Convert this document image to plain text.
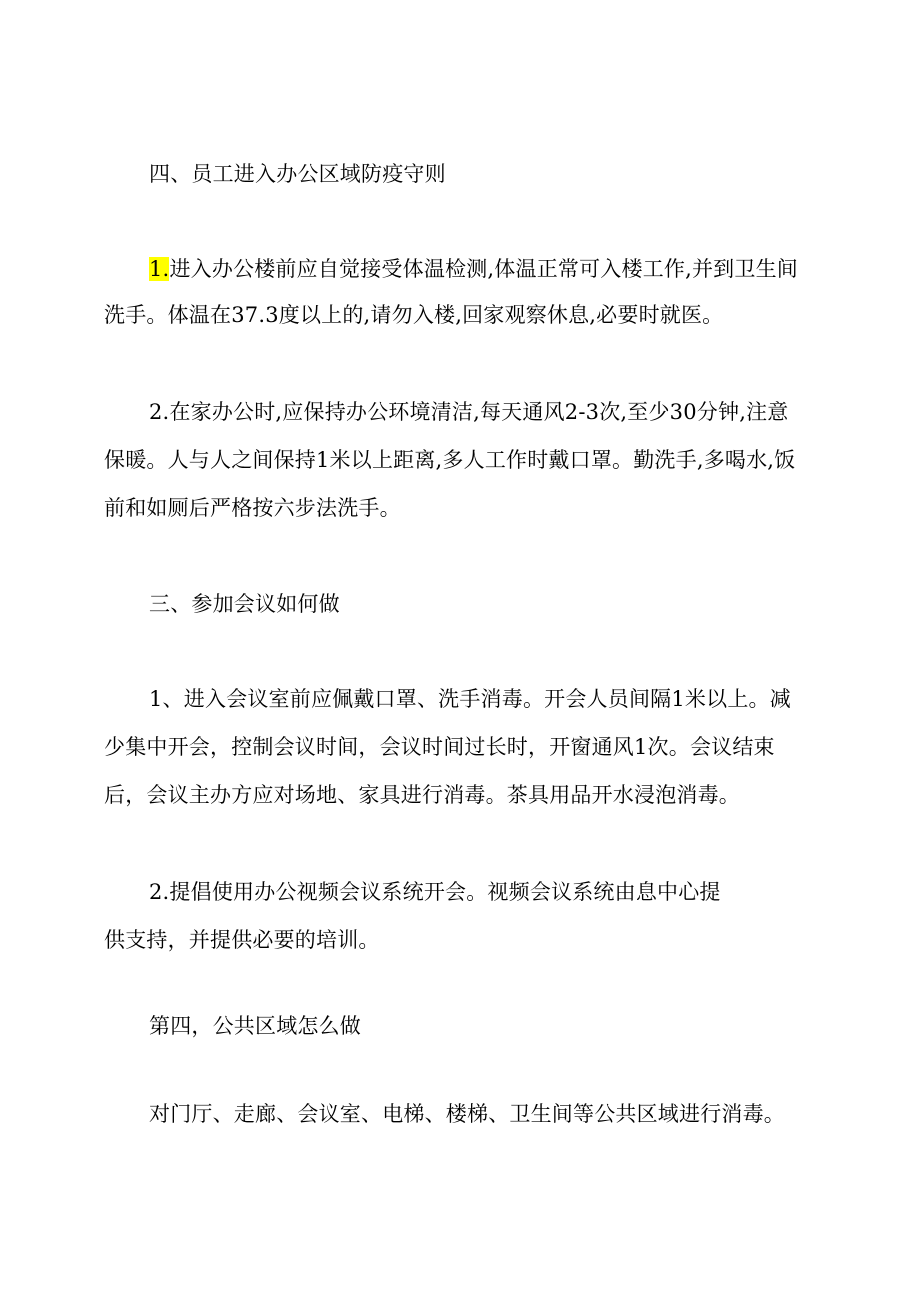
四、员工进入办公区域防疫守则
1.进入办公楼前应自觉接受体温检测,体温正常可入楼工作,并到卫生间
洗手。体温在37.3度以上的,请勿入楼,回家观察休息,必要时就医。
2.在家办公时,应保持办公环境清洁,每天通风2-3次,至少30分钟,注意
保暖。人与人之间保持1米以上距离,多人工作时戴口罩。勤洗手,多喝水,饭
前和如厕后严格按六步法洗手。
三、参加会议如何做
1、进入会议室前应佩戴口罩、洗手消毒。开会人员间隔1米以上。减
少集中开会，控制会议时间，会议时间过长时，开窗通风1次。会议结束
后，会议主办方应对场地、家具进行消毒。茶具用品开水浸泡消毒。
2.提倡使用办公视频会议系统开会。视频会议系统由息中心提
供支持，并提供必要的培训。
第四，公共区域怎么做
对门厅、走廊、会议室、电梯、楼梯、卫生间等公共区域进行消毒。
